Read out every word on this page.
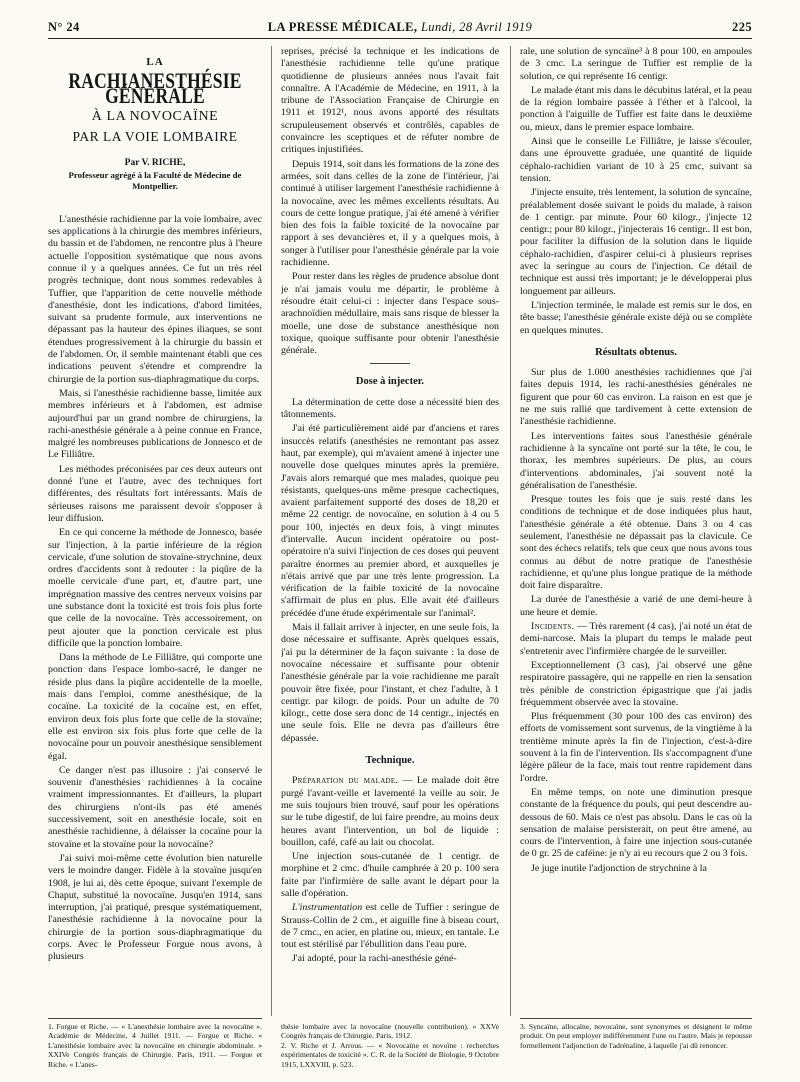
N° 24	LA PRESSE MÉDICALE, Lundi, 28 Avril 1919	225
LA
RACHIANESTHÉSIE GÉNÉRALE
À LA NOVOCAÏNE
PAR LA VOIE LOMBAIRE
Par V. RICHE,
Professeur agrégé à la Faculté de Médecine de Montpellier.

L'anesthésie rachidienne par la voie lombaire, avec ses applications à la chirurgie des membres inférieurs, du bassin et de l'abdomen, ne rencontre plus à l'heure actuelle l'opposition systématique que nous avons connue il y a quelques années. Ce fut un très réel progrès technique, dont nous sommes redevables à Tuffier, que l'apparition de cette nouvelle méthode d'anesthésie, dont les indications, d'abord limitées, suivant sa prudente formule, aux interventions ne dépassant pas la hauteur des épines iliaques, se sont étendues progressivement à la chirurgie du bassin et de l'abdomen. Or, il semble maintenant établi que ces indications peuvent s'étendre et comprendre la chirurgie de la portion sus-diaphragmatique du corps.

Mais, si l'anesthésie rachidienne basse, limitée aux membres inférieurs et à l'abdomen, est admise aujourd'hui par un grand nombre de chirurgiens, la rachi-anesthésie générale a à peine connue en France, malgré les nombreuses publications de Jonnesco et de Le Filliâtre.

Les méthodes préconisées par ces deux auteurs ont donné l'une et l'autre, avec des techniques fort différentes, des résultats fort intéressants. Mais de sérieuses raisons me paraissent devoir s'opposer à leur diffusion.

En ce qui concerne la méthode de Jonnesco, basée sur l'injection, à la partie inférieure de la région cervicale, d'une solution de stovaïne-strychnine, deux ordres d'accidents sont à redouter : la piqûre de la moelle cervicale d'une part, et, d'autre part, une imprégnation massive des centres nerveux voisins par une substance dont la toxicité est trois fois plus forte que celle de la novocaïne. Très accessoirement, on peut ajouter que la ponction cervicale est plus difficile que la ponction lombaire.

Dans la méthode de Le Filliâtre, qui comporte une ponction dans l'espace lombo-sacré, le danger ne réside plus dans la piqûre accidentelle de la moelle, mais dans l'emploi, comme anesthésique, de la cocaïne. La toxicité de la cocaïne est, en effet, environ deux fois plus forte que celle de la stovaïne; elle est environ six fois plus forte que celle de la novocaïne pour un pouvoir anesthésique sensiblement égal.

Ce danger n'est pas illusoire : j'ai conservé le souvenir d'anesthésies rachidiennes à la cocaïne vraiment impressionnantes. Et d'ailleurs, la plupart des chirurgiens n'ont-ils pas été amenés successivement, soit en anesthésie locale, soit en anesthésie rachidienne, à délaisser la cocaïne pour la stovaïne et la stovaïne pour la novocaïne?

J'ai suivi moi-même cette évolution bien naturelle vers le moindre danger. Fidèle à la stovaïne jusqu'en 1908, je lui ai, dès cette époque, suivant l'exemple de Chaput, substitué la novocaïne. Jusqu'en 1914, sans interruption, j'ai pratiqué, presque systématiquement, l'anesthésie rachidienne à la novocaïne pour la chirurgie de la portion sous-diaphragmatique du corps. Avec le Professeur Forgue nous avons, à plusieurs

reprises, précisé la technique et les indications de l'anesthésie rachidienne telle qu'une pratique quotidienne de plusieurs années nous l'avait fait connaître. A l'Académie de Médecine, en 1911, à la tribune de l'Association Française de Chirurgie en 1911 et 1912¹, nous avons apporté des résultats scrupuleusement observés et contrôlés, capables de convaincre les sceptiques et de réfuter nombre de critiques injustifiées.

Depuis 1914, soit dans les formations de la zone des armées, soit dans celles de la zone de l'intérieur, j'ai continué à utiliser largement l'anesthésie rachidienne à la novocaïne, avec les mêmes excellents résultats. Au cours de cette longue pratique, j'ai été amené à vérifier bien des fois la faible toxicité de la novocaïne par rapport à ses devancières et, il y a quelques mois, à songer à l'utiliser pour l'anesthésie générale par la voie rachidienne.

Pour rester dans les règles de prudence absolue dont je n'ai jamais voulu me départir, le problème à résoudre était celui-ci : injecter dans l'espace sous-arachnoïdien médullaire, mais sans risque de blesser la moelle, une dose de substance anesthésique non toxique, quoique suffisante pour obtenir l'anesthésie générale.

Dose à injecter.

La détermination de cette dose a nécessité bien des tâtonnements.

J'ai été particulièrement aidé par d'anciens et rares insuccès relatifs (anesthésies ne remontant pas assez haut, par exemple), qui m'avaient amené à injecter une nouvelle dose quelques minutes après la première. J'avais alors remarqué que mes malades, quoique peu résistants, quelques-uns même presque cachectiques, avaient parfaitement supporté des doses de 18,20 et même 22 centigr. de novocaïne, en solution à 4 ou 5 pour 100, injectés en deux fois, à vingt minutes d'intervalle. Aucun incident opératoire ou post-opératoire n'a suivi l'injection de ces doses qui peuvent paraître énormes au premier abord, et auxquelles je n'étais arrivé que par une très lente progression. La vérification de la faible toxicité de la novocaïne s'affirmait de plus en plus. Elle avait été d'ailleurs précédée d'une étude expérimentale sur l'animal².

Mais il fallait arriver à injecter, en une seule fois, la dose nécessaire et suffisante. Après quelques essais, j'ai pu la déterminer de la façon suivante : la dose de novocaïne nécessaire et suffisante pour obtenir l'anesthésie générale par la voie rachidienne me paraît pouvoir être fixée, pour l'instant, et chez l'adulte, à 1 centigr. par kilogr. de poids. Pour un adulte de 70 kilogr., cette dose sera donc de 14 centigr., injectés en une seule fois. Elle ne devra pas d'ailleurs être dépassée.

Technique.

Préparation du malade. — Le malade doit être purgé l'avant-veille et lavementé la veille au soir. Je me suis toujours bien trouvé, sauf pour les opérations sur le tube digestif, de lui faire prendre, au moins deux heures avant l'intervention, un bol de liquide : bouillon, café, café au lait ou chocolat.

Une injection sous-cutanée de 1 centigr. de morphine et 2 cmc. d'huile camphrée à 20 p. 100 sera faite par l'infirmière de salle avant le départ pour la salle d'opération.

L'instrumentation est celle de Tuffier : seringue de Strauss-Collin de 2 cm., et aiguille fine à biseau court, de 7 cmc., en acier, en platine ou, mieux, en tantale. Le tout est stérilisé par l'ébullition dans l'eau pure.

J'ai adopté, pour la rachi-anesthésie géné-

rale, une solution de syncaïne³ à 8 pour 100, en ampoules de 3 cmc. La seringue de Tuffier est remplie de la solution, ce qui représente 16 centigr.

Le malade étant mis dans le décubitus latéral, et la peau de la région lombaire passée à l'éther et à l'alcool, la ponction à l'aiguille de Tuffier est faite dans le deuxième ou, mieux, dans le premier espace lombaire.

Ainsi que le conseille Le Filliâtre, je laisse s'écouler, dans une éprouvette graduée, une quantité de liquide céphalo-rachidien variant de 10 à 25 cmc, suivant sa tension.

J'injecte ensuite, très lentement, la solution de syncaïne, préalablement dosée suivant le poids du malade, à raison de 1 centigr. par minute. Pour 60 kilogr., j'injecte 12 centigr.; pour 80 kilogr., j'injecterais 16 centigr.. Il est bon, pour faciliter la diffusion de la solution dans le liquide céphalo-rachidien, d'aspirer celui-ci à plusieurs reprises avec la seringue au cours de l'injection. Ce détail de technique est aussi très important; je le développerai plus longuement par ailleurs.

L'injection terminée, le malade est remis sur le dos, en tête basse; l'anesthésie générale existe déjà ou se complète en quelques minutes.

Résultats obtenus.

Sur plus de 1.000 anesthésies rachidiennes que j'ai faites depuis 1914, les rachi-anesthésies générales ne figurent que pour 60 cas environ. La raison en est que je ne me suis rallié que tardivement à cette extension de l'anesthésie rachidienne.

Les interventions faites sous l'anesthésie générale rachidienne à la syncaïne ont porté sur la tête, le cou, le thorax, les membres supérieurs. De plus, au cours d'interventions abdominales, j'ai souvent noté la généralisation de l'anesthésie.

Presque toutes les fois que je suis resté dans les conditions de technique et de dose indiquées plus haut, l'anesthésie générale a été obtenue. Dans 3 ou 4 cas seulement, l'anesthésie ne dépassait pas la clavicule. Ce sont des échecs relatifs, tels que ceux que nous avons tous connus au début de notre pratique de l'anesthésie rachidienne, et qu'une plus longue pratique de la méthode doit faire disparaître.

La durée de l'anesthésie a varié de une demi-heure à une heure et demie.

Incidents. — Très rarement (4 cas), j'ai noté un état de demi-narcose. Mais la plupart du temps le malade peut s'entretenir avec l'infirmière chargée de le surveiller.

Exceptionnellement (3 cas), j'ai observé une gêne respiratoire passagère, qui ne rappelle en rien la sensation très pénible de constriction épigastrique que j'ai jadis fréquemment observée avec la stovaïne.

Plus fréquemment (30 pour 100 des cas environ) des efforts de vomissement sont survenus, de la vingtième à la trentième minute après la fin de l'injection, c'est-à-dire souvent à la fin de l'intervention. Ils s'accompagnent d'une légère pâleur de la face, mais tout rentre rapidement dans l'ordre.

En même temps, on note une diminution presque constante de la fréquence du pouls, qui peut descendre au-dessous de 60. Mais ce n'est pas absolu. Dans le cas où la sensation de malaise persisterait, on peut être amené, au cours de l'intervention, à faire une injection sous-cutanée de 0 gr. 25 de caféine: je n'y ai eu recours que 2 ou 3 fois.

Je juge inutile l'adjonction de strychnine à la

1. Forgue et Riche. — « L'anesthésie lombaire avec la novocaïne ». Académie de Médecine, 4 Juillet 1911. — Forgue et Riche. « L'anesthésie lombaire avec la novocaïne en chirurgie abdominale. » XXIVe Congrès français de Chirurgie. Paris, 1911. — Forgue et Riche. « L'anes-

thésie lombaire avec la novocaïne (nouvelle contribution). » XXVe Congrès français de Chirurgie. Paris, 1912.

2. V. Riche et J. Arrous. — « Novocaïne et novoïne : recherches expérimentales de toxicité ». C. R. de la Société de Biologie, 9 Octobre 1915, LXXVIII, p. 523.

3. Syncaïne, allocaïne, novocaïne, sont synonymes et désignent le même produit. On peut employer indifféremment l'une ou l'autre. Mais je repousse formellement l'adjonction de l'adrénaline, à laquelle j'ai dû renoncer.
